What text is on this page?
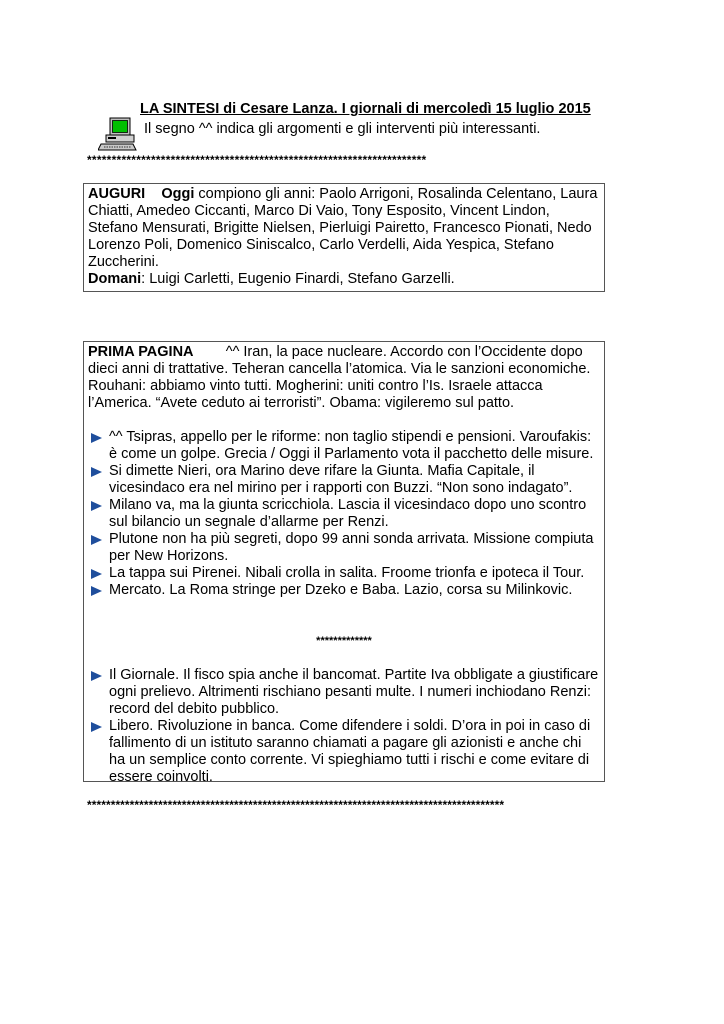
LA SINTESI di Cesare Lanza. I giornali di mercoledì 15 luglio 2015
Il segno ^^ indica gli argomenti e gli interventi più interessanti.
*********************************************************************

AUGURI Oggi compiono gli anni: Paolo Arrigoni, Rosalinda Celentano, Laura Chiatti, Amedeo Ciccanti, Marco Di Vaio, Tony Esposito, Vincent Lindon, Stefano Mensurati, Brigitte Nielsen, Pierluigi Pairetto, Francesco Pionati, Nedo Lorenzo Poli, Domenico Siniscalco, Carlo Verdelli, Aida Yespica, Stefano Zuccherini.

Domani: Luigi Carletti, Eugenio Finardi, Stefano Garzelli.

PRIMA PAGINA ^^ Iran, la pace nucleare. Accordo con l’Occidente dopo dieci anni di trattative. Teheran cancella l’atomica. Via le sanzioni economiche. Rouhani: abbiamo vinto tutti. Mogherini: uniti contro l’Is. Israele attacca l’America. “Avete ceduto ai terroristi”. Obama: vigileremo sul patto.

^^ Tsipras, appello per le riforme: non taglio stipendi e pensioni. Varoufakis: è come un golpe. Grecia / Oggi il Parlamento vota il pacchetto delle misure.
Si dimette Nieri, ora Marino deve rifare la Giunta. Mafia Capitale, il vicesindaco era nel mirino per i rapporti con Buzzi. “Non sono indagato”.
Milano va, ma la giunta scricchiola. Lascia il vicesindaco dopo uno scontro sul bilancio un segnale d’allarme per Renzi.
Plutone non ha più segreti, dopo 99 anni sonda arrivata. Missione compiuta per New Horizons.
La tappa sui Pirenei. Nibali crolla in salita. Froome trionfa e ipoteca il Tour.
Mercato. La Roma stringe per Dzeko e Baba. Lazio, corsa su Milinkovic.
*************
Il Giornale. Il fisco spia anche il bancomat. Partite Iva obbligate a giustificare ogni prelievo. Altrimenti rischiano pesanti multe. I numeri inchiodano Renzi: record del debito pubblico.
Libero. Rivoluzione in banca. Come difendere i soldi. D’ora in poi in caso di fallimento di un istituto saranno chiamati a pagare gli azionisti e anche chi ha un semplice conto corrente. Vi spieghiamo tutti i rischi e come evitare di essere coinvolti.
****************************************************************************************
